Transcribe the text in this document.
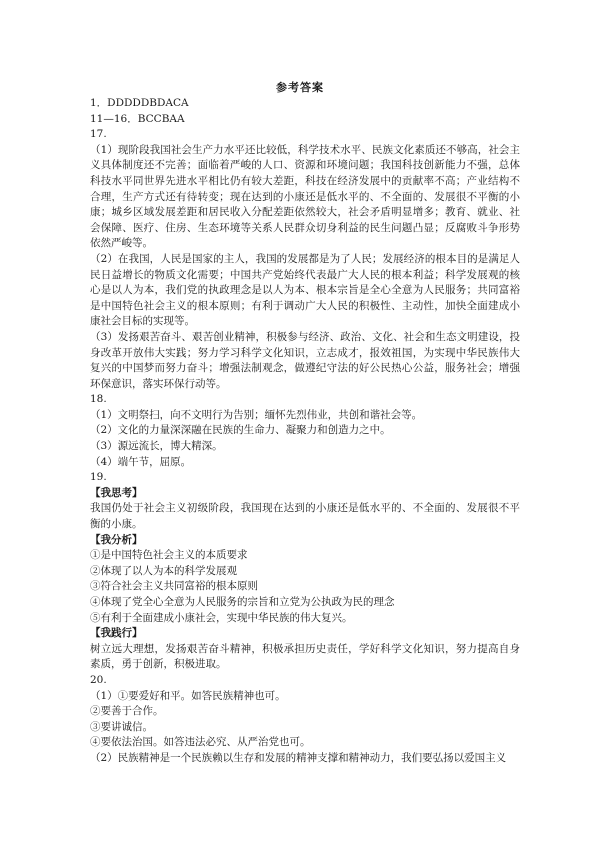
参考答案
1．DDDDDBDACA
11—16．BCCBAA
17.
（1）现阶段我国社会生产力水平还比较低，科学技术水平、民族文化素质还不够高，社会主义具体制度还不完善；面临着严峻的人口、资源和环境问题；我国科技创新能力不强，总体科技水平同世界先进水平相比仍有较大差距，科技在经济发展中的贡献率不高；产业结构不合理，生产方式还有待转变；现在达到的小康还是低水平的、不全面的、发展很不平衡的小康；城乡区域发展差距和居民收入分配差距依然较大，社会矛盾明显增多；教育、就业、社会保障、医疗、住房、生态环境等关系人民群众切身利益的民生问题凸显；反腐败斗争形势依然严峻等。
（2）在我国，人民是国家的主人，我国的发展都是为了人民；发展经济的根本目的是满足人民日益增长的物质文化需要；中国共产党始终代表最广大人民的根本利益；科学发展观的核心是以人为本，我们党的执政理念是以人为本、根本宗旨是全心全意为人民服务；共同富裕是中国特色社会主义的根本原则；有利于调动广大人民的积极性、主动性，加快全面建成小康社会目标的实现等。
（3）发扬艰苦奋斗、艰苦创业精神，积极参与经济、政治、文化、社会和生态文明建设，投身改革开放伟大实践；努力学习科学文化知识，立志成才，报效祖国，为实现中华民族伟大复兴的中国梦而努力奋斗；增强法制观念，做遵纪守法的好公民热心公益，服务社会；增强环保意识，落实环保行动等。
18.
（1）文明祭扫，向不文明行为告别；缅怀先烈伟业，共创和谐社会等。
（2）文化的力量深深融在民族的生命力、凝聚力和创造力之中。
（3）源远流长，博大精深。
（4）端午节，屈原。
19.
【我思考】
我国仍处于社会主义初级阶段，我国现在达到的小康还是低水平的、不全面的、发展很不平衡的小康。
【我分析】
①是中国特色社会主义的本质要求
②体现了以人为本的科学发展观
③符合社会主义共同富裕的根本原则
④体现了党全心全意为人民服务的宗旨和立党为公执政为民的理念
⑤有利于全面建成小康社会，实现中华民族的伟大复兴。
【我践行】
树立远大理想，发扬艰苦奋斗精神，积极承担历史责任，学好科学文化知识，努力提高自身素质，勇于创新，积极进取。
20.
（1）①要爱好和平。如答民族精神也可。
②要善于合作。
③要讲诚信。
④要依法治国。如答违法必究、从严治党也可。
（2）民族精神是一个民族赖以生存和发展的精神支撑和精神动力，我们要弘扬以爱国主义
